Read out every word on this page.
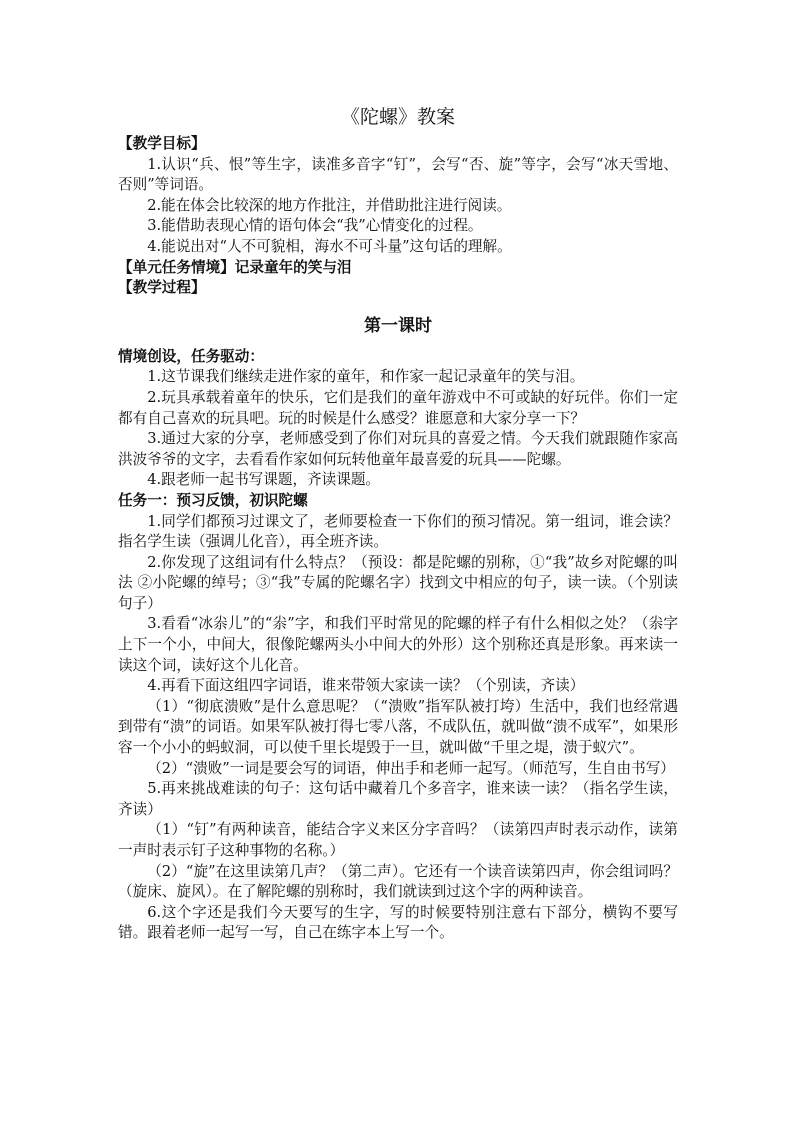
《陀螺》教案

【教学目标】

1.认识“兵、恨”等生字，读准多音字“钉”，会写“否、旋”等字，会写“冰天雪地、否则”等词语。

2.能在体会比较深的地方作批注，并借助批注进行阅读。

3.能借助表现心情的语句体会“我”心情变化的过程。

4.能说出对“人不可貌相，海水不可斗量”这句话的理解。

【单元任务情境】记录童年的笑与泪

【教学过程】

第一课时

情境创设，任务驱动：

1.这节课我们继续走进作家的童年，和作家一起记录童年的笑与泪。

2.玩具承载着童年的快乐，它们是我们的童年游戏中不可或缺的好玩伴。你们一定都有自己喜欢的玩具吧。玩的时候是什么感受？谁愿意和大家分享一下？

3.通过大家的分享，老师感受到了你们对玩具的喜爱之情。今天我们就跟随作家高洪波爷爷的文字，去看看作家如何玩转他童年最喜爱的玩具——陀螺。

4.跟老师一起书写课题，齐读课题。

任务一：预习反馈，初识陀螺

1.同学们都预习过课文了，老师要检查一下你们的预习情况。第一组词，谁会读？指名学生读（强调儿化音），再全班齐读。

2.你发现了这组词有什么特点？（预设：都是陀螺的别称，①“我”故乡对陀螺的叫法 ②小陀螺的绰号；③“我”专属的陀螺名字）找到文中相应的句子，读一读。（个别读句子）

3.看看“冰尜儿”的“尜”字，和我们平时常见的陀螺的样子有什么相似之处？（尜字上下一个小，中间大，很像陀螺两头小中间大的外形）这个别称还真是形象。再来读一读这个词，读好这个儿化音。

4.再看下面这组四字词语，谁来带领大家读一读？（个别读，齐读）

（1）“彻底溃败”是什么意思呢？（“溃败”指军队被打垮）生活中，我们也经常遇到带有“溃”的词语。如果军队被打得七零八落，不成队伍，就叫做“溃不成军”，如果形容一个小小的蚂蚁洞，可以使千里长堤毁于一旦，就叫做“千里之堤，溃于蚁穴”。

（2）“溃败”一词是要会写的词语，伸出手和老师一起写。（师范写，生自由书写）

5.再来挑战难读的句子：这句话中藏着几个多音字，谁来读一读？（指名学生读，齐读）

（1）“钉”有两种读音，能结合字义来区分字音吗？（读第四声时表示动作，读第一声时表示钉子这种事物的名称。）

（2）“旋”在这里读第几声？（第二声）。它还有一个读音读第四声，你会组词吗？（旋床、旋风）。在了解陀螺的别称时，我们就读到过这个字的两种读音。

6.这个字还是我们今天要写的生字，写的时候要特别注意右下部分，横钩不要写错。跟着老师一起写一写，自己在练字本上写一个。
